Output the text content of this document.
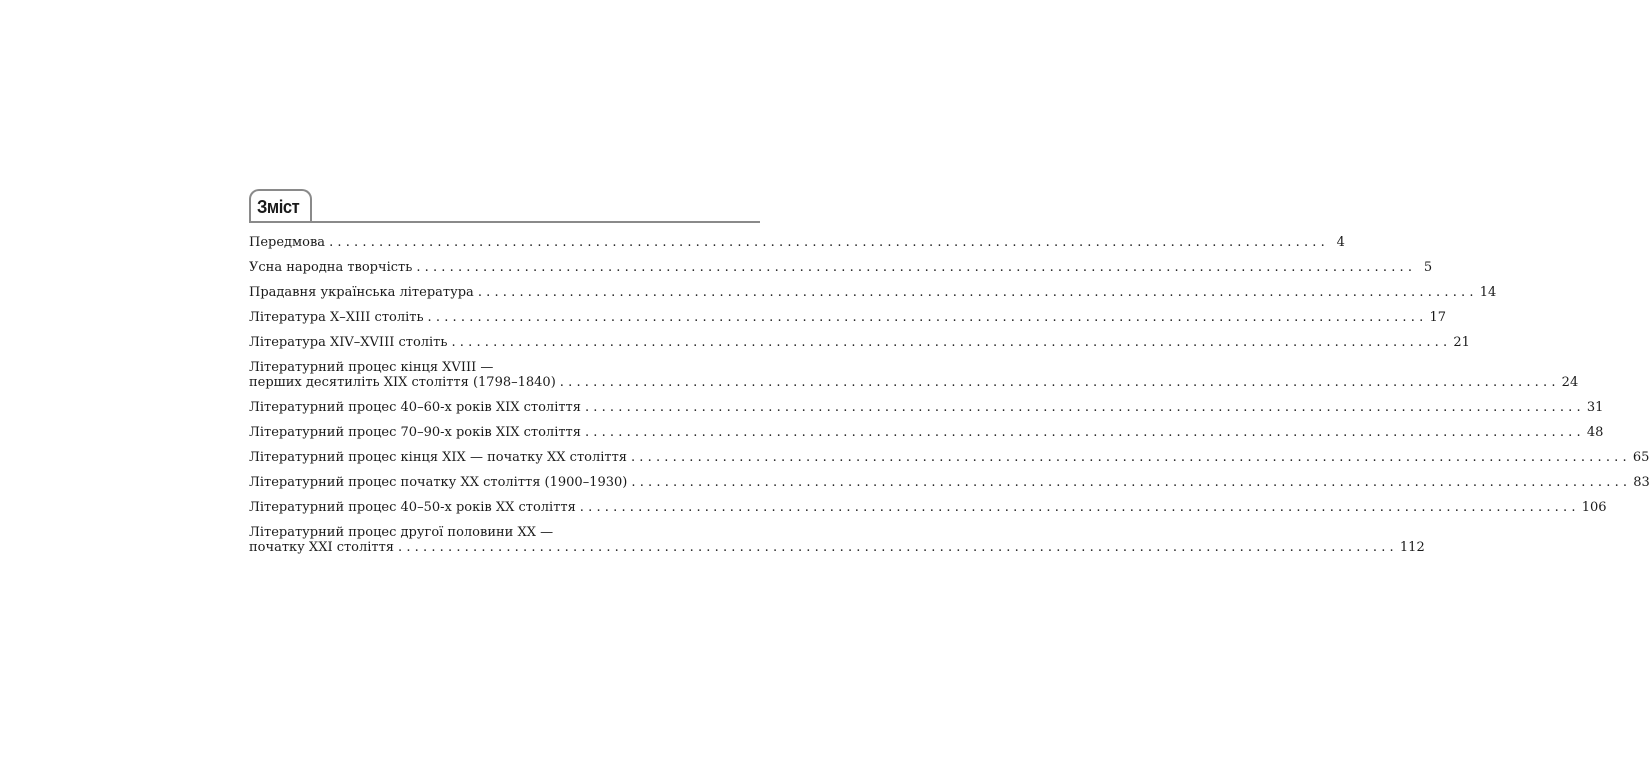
Зміст
Передмова ........................................................................................................................ 4
Усна народна творчість ........................................................................................................................ 5
Прадавня українська література ........................................................................................................................ 14
Література X–XIII століть ........................................................................................................................ 17
Література XIV–XVIII століть ........................................................................................................................ 21
Літературний процес кінця XVIII —
перших десятиліть XIX століття (1798–1840) ........................................................................................................................ 24
Літературний процес 40–60-х років XIX століття ........................................................................................................................ 31
Літературний процес 70–90-х років XIX століття ........................................................................................................................ 48
Літературний процес кінця XIX — початку XX століття ........................................................................................................................ 65
Літературний процес початку XX століття (1900–1930) ........................................................................................................................ 83
Літературний процес 40–50-х років XX століття ........................................................................................................................ 106
Літературний процес другої половини XX —
початку XXI століття ........................................................................................................................ 112
